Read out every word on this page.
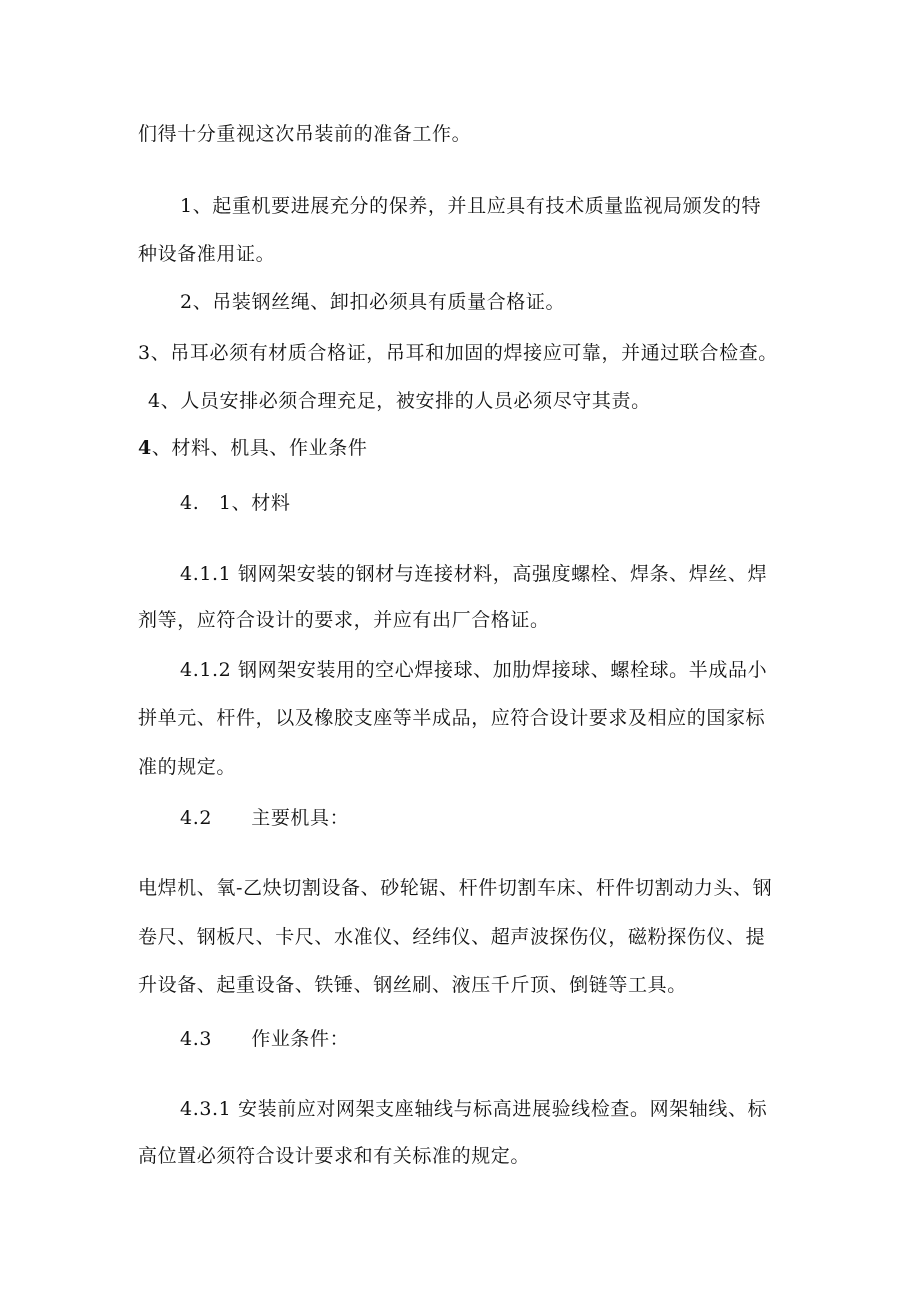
们得十分重视这次吊装前的准备工作。
1、起重机要进展充分的保养，并且应具有技术质量监视局颁发的特
种设备准用证。
2、吊装钢丝绳、卸扣必须具有质量合格证。
3、吊耳必须有材质合格证，吊耳和加固的焊接应可靠，并通过联合检查。
4、人员安排必须合理充足，被安排的人员必须尽守其责。
4、材料、机具、作业条件
4.　1、材料
4.1.1 钢网架安装的钢材与连接材料，高强度螺栓、焊条、焊丝、焊
剂等，应符合设计的要求，并应有出厂合格证。
4.1.2 钢网架安装用的空心焊接球、加肋焊接球、螺栓球。半成品小
拼单元、杆件，以及橡胶支座等半成品，应符合设计要求及相应的国家标
准的规定。
4.2　　主要机具：
电焊机、氧-乙炔切割设备、砂轮锯、杆件切割车床、杆件切割动力头、钢
卷尺、钢板尺、卡尺、水准仪、经纬仪、超声波探伤仪，磁粉探伤仪、提
升设备、起重设备、铁锤、钢丝刷、液压千斤顶、倒链等工具。
4.3　　作业条件：
4.3.1 安装前应对网架支座轴线与标高进展验线检查。网架轴线、标
高位置必须符合设计要求和有关标准的规定。
